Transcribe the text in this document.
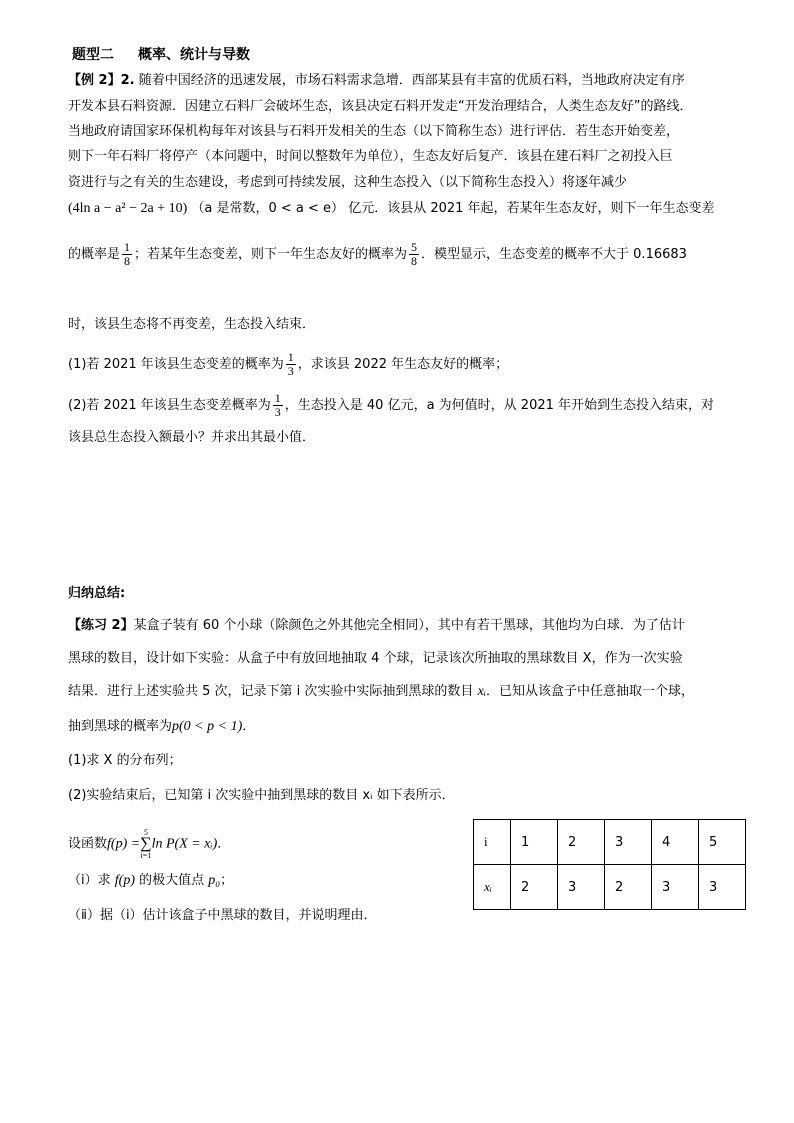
题型二 概率、统计与导数
【例 2】2. 随着中国经济的迅速发展，市场石料需求急增．西部某县有丰富的优质石料，当地政府决定有序
开发本县石料资源．因建立石料厂会破坏生态，该县决定石料开发走“开发治理结合，人类生态友好”的路线．
当地政府请国家环保机构每年对该县与石料开发相关的生态（以下简称生态）进行评估．若生态开始变差，
则下一年石料厂将停产（本问题中，时间以整数年为单位），生态友好后复产．该县在建石料厂之初投入巨
资进行与之有关的生态建设，考虑到可持续发展，这种生态投入（以下简称生态投入）将逐年减少
(4ln a − a² − 2a + 10) （a 是常数，0 < a < e） 亿元．该县从 2021 年起，若某年生态友好，则下一年生态变差
的概率是 $\frac{1}{8}$ ；若某年生态变差，则下一年生态友好的概率为 $\frac{5}{8}$ ．模型显示，生态变差的概率不大于 0.16683
时，该县生态将不再变差，生态投入结束．
(1)若 2021 年该县生态变差的概率为 $\frac{1}{3}$ ，求该县 2022 年生态友好的概率；
(2)若 2021 年该县生态变差概率为 $\frac{1}{3}$ ，生态投入是 40 亿元，a 为何值时，从 2021 年开始到生态投入结束，对
该县总生态投入额最小？并求出其最小值．
归纳总结:
【练习 2】某盒子装有 60 个小球（除颜色之外其他完全相同），其中有若干黑球，其他均为白球．为了估计
黑球的数目，设计如下实验：从盒子中有放回地抽取 4 个球，记录该次所抽取的黑球数目 X，作为一次实验
结果．进行上述实验共 5 次，记录下第 i 次实验中实际抽到黑球的数目 xᵢ．已知从该盒子中任意抽取一个球，
抽到黑球的概率为p(0 < p < 1)．
(1)求 X 的分布列；
(2)实验结束后，已知第 i 次实验中抽到黑球的数目 xᵢ 如下表所示．
设函数f(p) =
5
∑
i=1
ln P(X = xᵢ)．
（ⅰ）求 f(p) 的极大值点 p₀；
（ⅱ）据（ⅰ）估计该盒子中黑球的数目，并说明理由．
i	1	2	3	4	5
xᵢ	2	3	2	3	3
